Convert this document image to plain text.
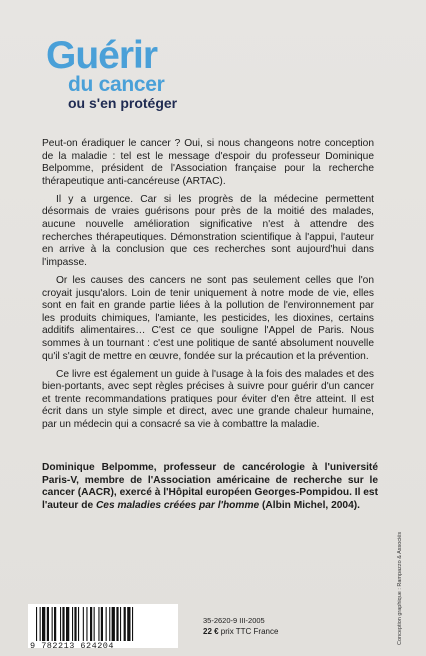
Guérir
du cancer
ou s'en protéger

Peut-on éradiquer le cancer ? Oui, si nous changeons notre conception de la maladie : tel est le message d'espoir du professeur Dominique Belpomme, président de l'Association française pour la recherche thérapeutique anti-cancéreuse (ARTAC).

Il y a urgence. Car si les progrès de la médecine permettent désormais de vraies guérisons pour près de la moitié des malades, aucune nouvelle amélioration significative n'est à attendre des recherches thérapeutiques. Démonstration scientifique à l'appui, l'auteur en arrive à la conclusion que ces recherches sont aujourd'hui dans l'impasse.

Or les causes des cancers ne sont pas seulement celles que l'on croyait jusqu'alors. Loin de tenir uniquement à notre mode de vie, elles sont en fait en grande partie liées à la pollution de l'environnement par les produits chimiques, l'amiante, les pesticides, les dioxines, certains additifs alimentaires… C'est ce que souligne l'Appel de Paris. Nous sommes à un tournant : c'est une politique de santé absolument nouvelle qu'il s'agit de mettre en œuvre, fondée sur la précaution et la prévention.

Ce livre est également un guide à l'usage à la fois des malades et des bien-portants, avec sept règles précises à suivre pour guérir d'un cancer et trente recommandations pratiques pour éviter d'en être atteint. Il est écrit dans un style simple et direct, avec une grande chaleur humaine, par un médecin qui a consacré sa vie à combattre la maladie.

Dominique Belpomme, professeur de cancérologie à l'université Paris-V, membre de l'Association américaine de recherche sur le cancer (AACR), exercé à l'Hôpital européen Georges-Pompidou. Il est l'auteur de Ces maladies créées par l'homme (Albin Michel, 2004).
9 782213 624204
35-2620-9 III-2005
22 € prix TTC France	Conception graphique : Rampazzo & Associés
